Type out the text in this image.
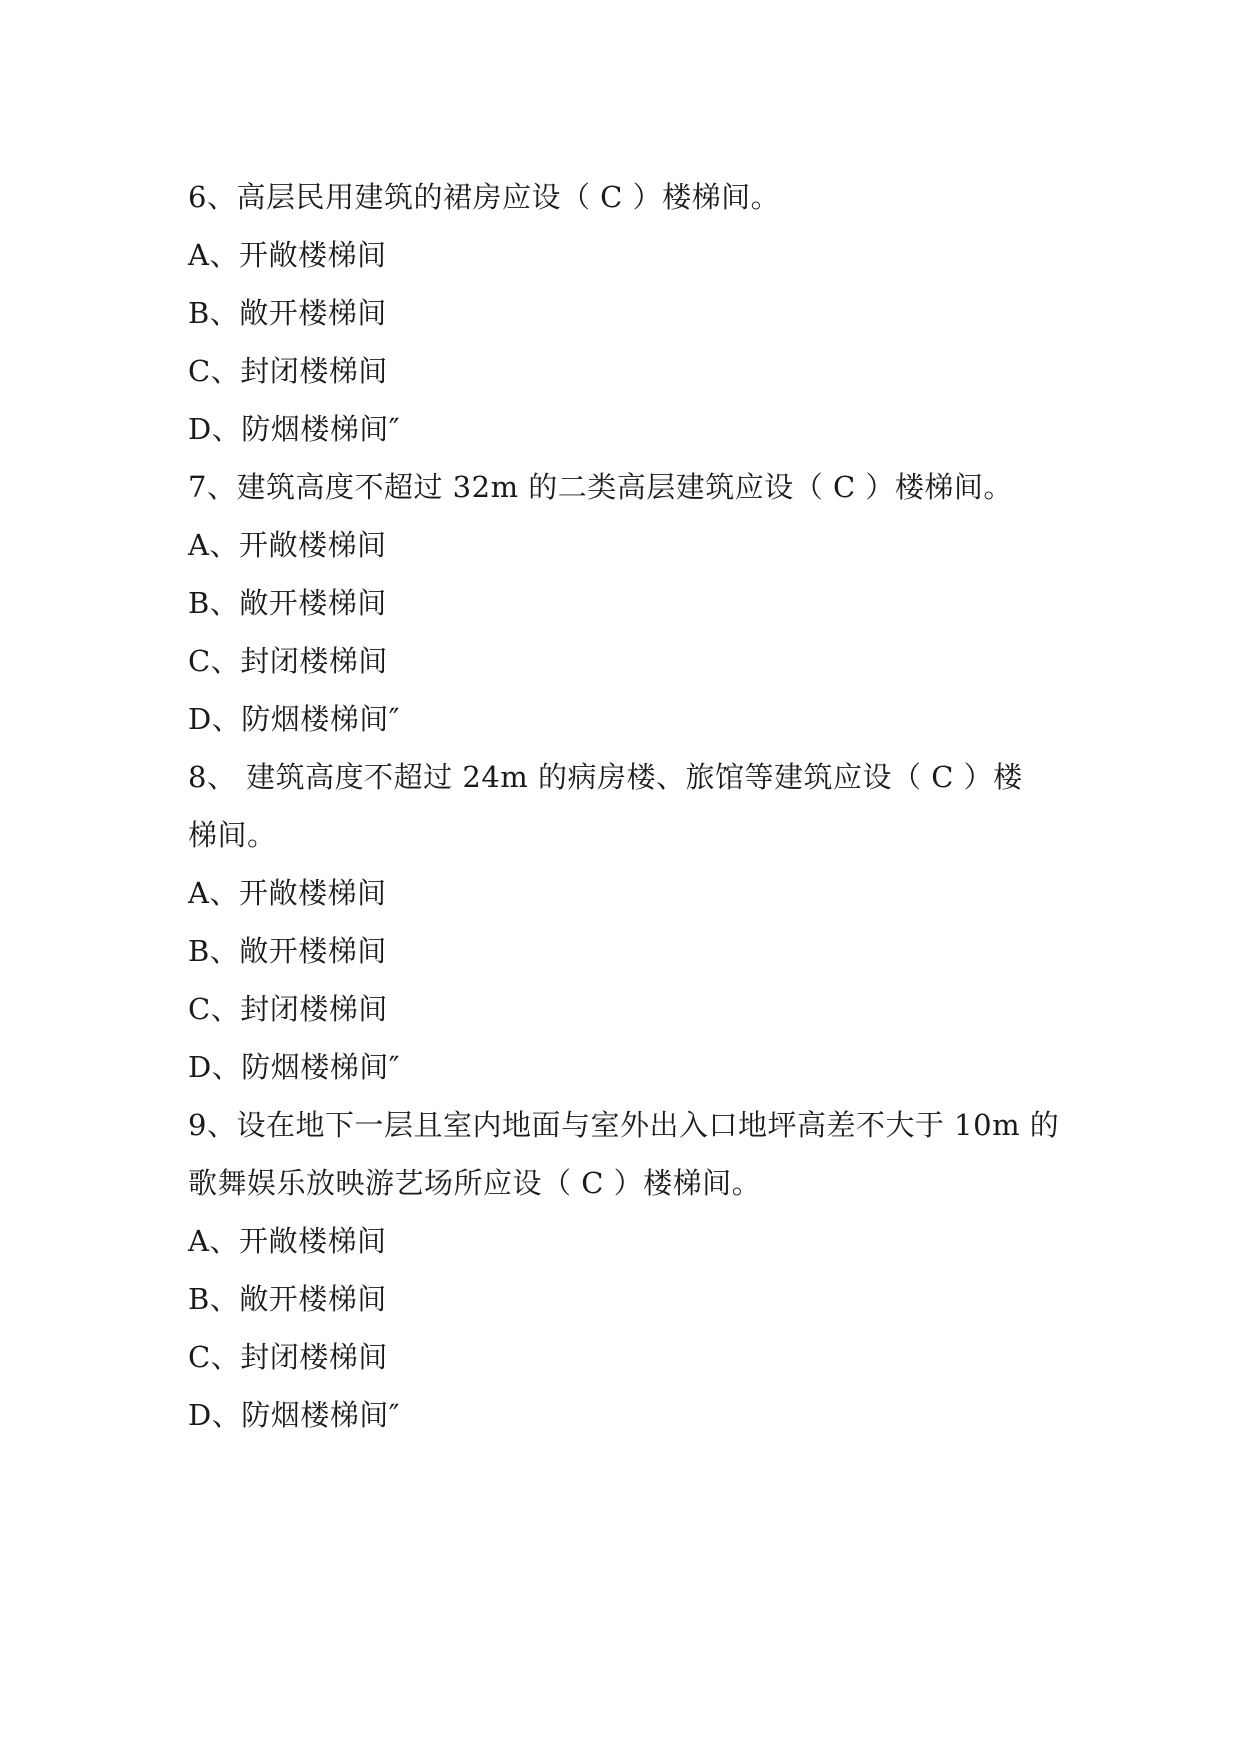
6、高层民用建筑的裙房应设（ C ）楼梯间。
A、开敞楼梯间
B、敞开楼梯间
C、封闭楼梯间
D、防烟楼梯间″
7、建筑高度不超过 32m 的二类高层建筑应设（ C ）楼梯间。
A、开敞楼梯间
B、敞开楼梯间
C、封闭楼梯间
D、防烟楼梯间″
8、 建筑高度不超过 24m 的病房楼、旅馆等建筑应设（ C ）楼
梯间。
A、开敞楼梯间
B、敞开楼梯间
C、封闭楼梯间
D、防烟楼梯间″
9、设在地下一层且室内地面与室外出入口地坪高差不大于 10m 的
歌舞娱乐放映游艺场所应设（ C ）楼梯间。
A、开敞楼梯间
B、敞开楼梯间
C、封闭楼梯间
D、防烟楼梯间″
